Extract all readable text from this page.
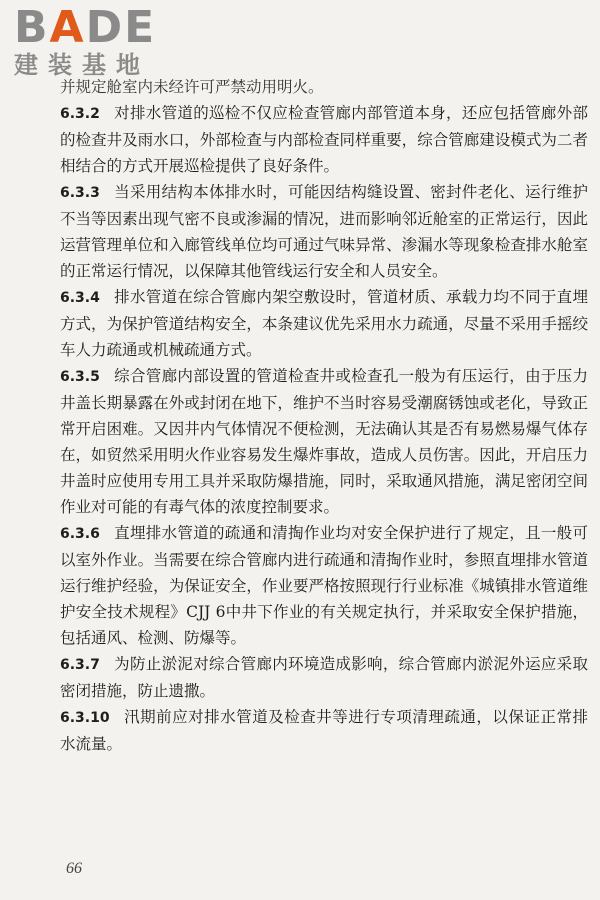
BADE
建装基地

并规定舱室内未经许可严禁动用明火。

6.3.2 对排水管道的巡检不仅应检查管廊内部管道本身，还应包括管廊外部的检查井及雨水口，外部检查与内部检查同样重要，综合管廊建设模式为二者相结合的方式开展巡检提供了良好条件。

6.3.3 当采用结构本体排水时，可能因结构缝设置、密封件老化、运行维护不当等因素出现气密不良或渗漏的情况，进而影响邻近舱室的正常运行，因此运营管理单位和入廊管线单位均可通过气味异常、渗漏水等现象检查排水舱室的正常运行情况，以保障其他管线运行安全和人员安全。

6.3.4 排水管道在综合管廊内架空敷设时，管道材质、承载力均不同于直埋方式，为保护管道结构安全，本条建议优先采用水力疏通，尽量不采用手摇绞车人力疏通或机械疏通方式。

6.3.5 综合管廊内部设置的管道检查井或检查孔一般为有压运行，由于压力井盖长期暴露在外或封闭在地下，维护不当时容易受潮腐锈蚀或老化，导致正常开启困难。又因井内气体情况不便检测，无法确认其是否有易燃易爆气体存在，如贸然采用明火作业容易发生爆炸事故，造成人员伤害。因此，开启压力井盖时应使用专用工具并采取防爆措施，同时，采取通风措施，满足密闭空间作业对可能的有毒气体的浓度控制要求。

6.3.6 直埋排水管道的疏通和清掏作业均对安全保护进行了规定，且一般可以室外作业。当需要在综合管廊内进行疏通和清掏作业时，参照直埋排水管道运行维护经验，为保证安全，作业要严格按照现行行业标准《城镇排水管道维护安全技术规程》CJJ 6中井下作业的有关规定执行，并采取安全保护措施，包括通风、检测、防爆等。

6.3.7 为防止淤泥对综合管廊内环境造成影响，综合管廊内淤泥外运应采取密闭措施，防止遗撒。

6.3.10 汛期前应对排水管道及检查井等进行专项清理疏通，以保证正常排水流量。

66
